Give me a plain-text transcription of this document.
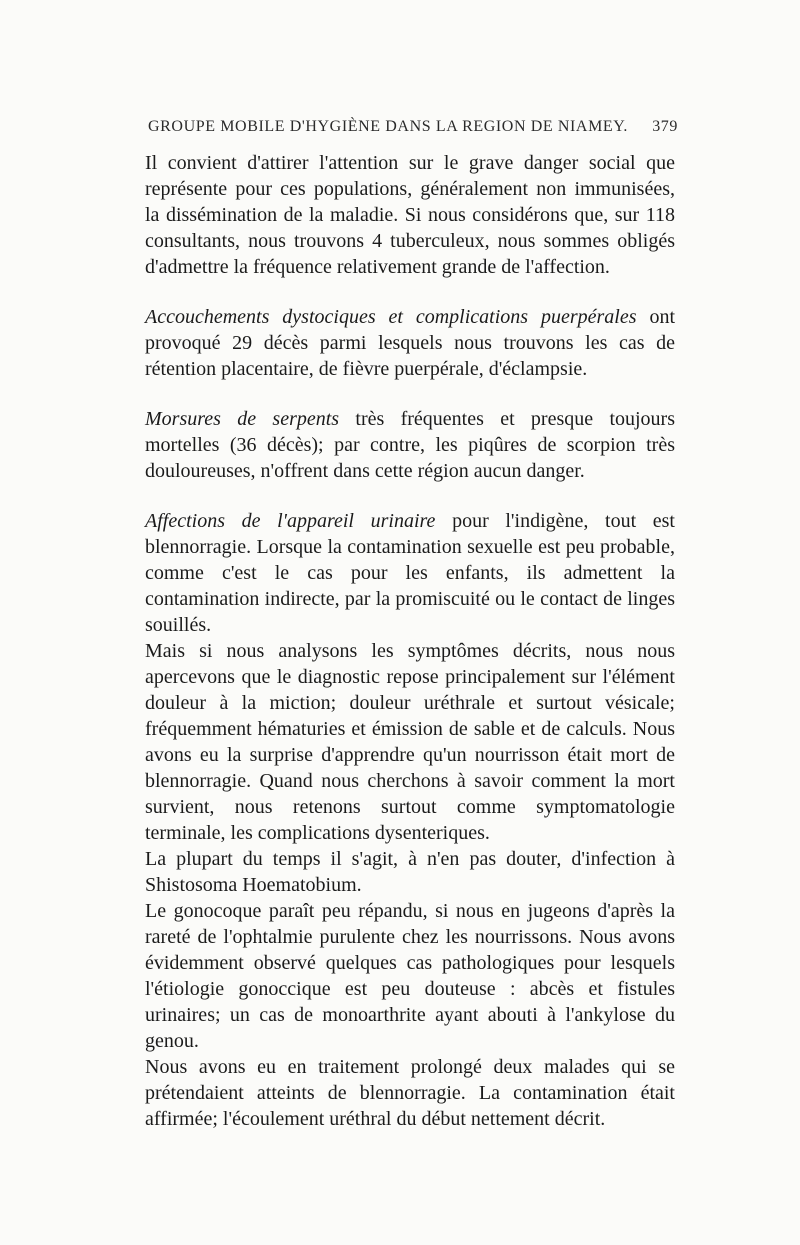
GROUPE MOBILE D'HYGIÈNE DANS LA REGION DE NIAMEY. 379

Il convient d'attirer l'attention sur le grave danger social que représente pour ces populations, généralement non immunisées, la dissémination de la maladie. Si nous considérons que, sur 118 consultants, nous trouvons 4 tuberculeux, nous sommes obligés d'admettre la fréquence relativement grande de l'affection.

Accouchements dystociques et complications puerpérales ont provoqué 29 décès parmi lesquels nous trouvons les cas de rétention placentaire, de fièvre puerpérale, d'éclampsie.

Morsures de serpents très fréquentes et presque toujours mortelles (36 décès); par contre, les piqûres de scorpion très douloureuses, n'offrent dans cette région aucun danger.

Affections de l'appareil urinaire pour l'indigène, tout est blennorragie. Lorsque la contamination sexuelle est peu probable, comme c'est le cas pour les enfants, ils admettent la contamination indirecte, par la promiscuité ou le contact de linges souillés.

Mais si nous analysons les symptômes décrits, nous nous apercevons que le diagnostic repose principalement sur l'élément douleur à la miction; douleur uréthrale et surtout vésicale; fréquemment hématuries et émission de sable et de calculs. Nous avons eu la surprise d'apprendre qu'un nourrisson était mort de blennorragie. Quand nous cherchons à savoir comment la mort survient, nous retenons surtout comme symptomatologie terminale, les complications dysenteriques.

La plupart du temps il s'agit, à n'en pas douter, d'infection à Shistosoma Hoematobium.

Le gonocoque paraît peu répandu, si nous en jugeons d'après la rareté de l'ophtalmie purulente chez les nourrissons. Nous avons évidemment observé quelques cas pathologiques pour lesquels l'étiologie gonoccique est peu douteuse : abcès et fistules urinaires; un cas de monoarthrite ayant abouti à l'ankylose du genou.

Nous avons eu en traitement prolongé deux malades qui se prétendaient atteints de blennorragie. La contamination était affirmée; l'écoulement uréthral du début nettement décrit.
